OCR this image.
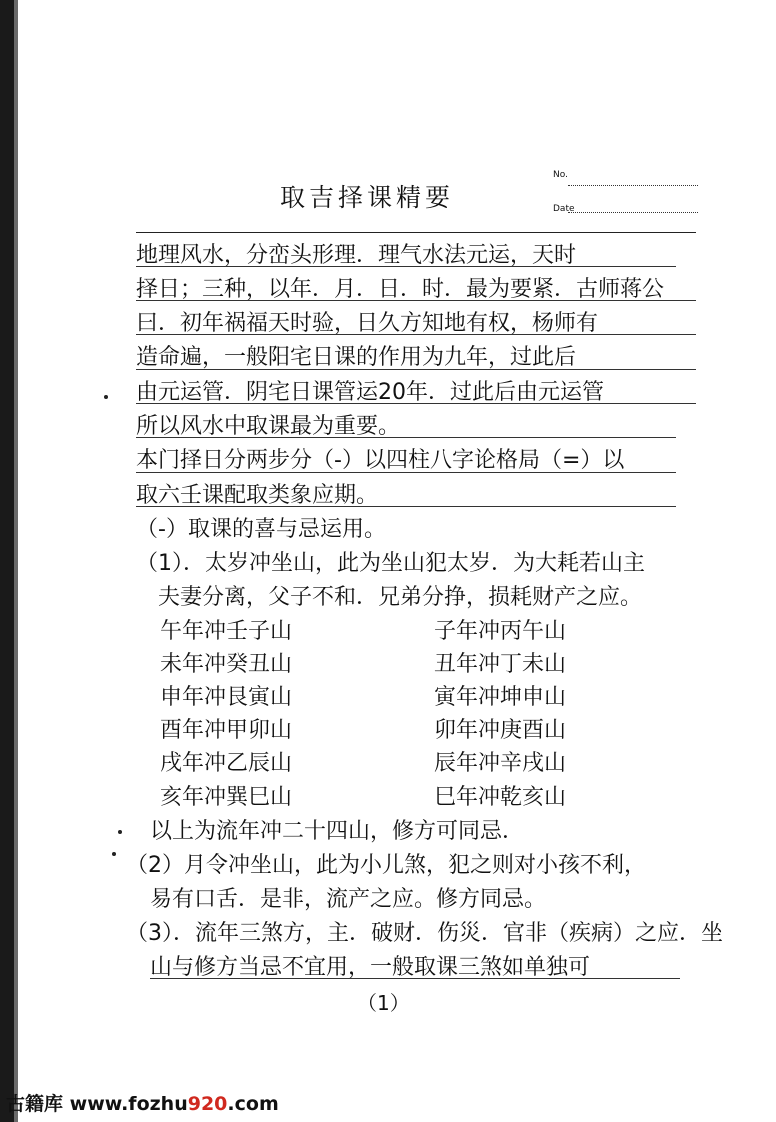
No.
Date
取吉择课精要
地理风水，分峦头形理．理气水法元运，天时
择日；三种，以年．月．日．时．最为要紧．古师蒋公
曰．初年祸福天时验，日久方知地有权，杨师有
造命遍，一般阳宅日课的作用为九年，过此后
由元运管．阴宅日课管运20年．过此后由元运管
所以风水中取课最为重要。
本门择日分两步分（-）以四柱八字论格局（=）以
取六壬课配取类象应期。
（-）取课的喜与忌运用。
（1）．太岁冲坐山，此为坐山犯太岁．为大耗若山主
夫妻分离，父子不和．兄弟分挣，损耗财产之应。
午年冲壬子山	子年冲丙午山
未年冲癸丑山	丑年冲丁未山
申年冲艮寅山	寅年冲坤申山
酉年冲甲卯山	卯年冲庚酉山
戌年冲乙辰山	辰年冲辛戌山
亥年冲巽巳山	巳年冲乾亥山
以上为流年冲二十四山，修方可同忌．
（2）月令冲坐山，此为小儿煞，犯之则对小孩不利，
易有口舌．是非，流产之应。修方同忌。
（3）．流年三煞方，主．破财．伤災．官非（疾病）之应．坐
山与修方当忌不宜用，一般取课三煞如单独可
（1）
古籍库 www.fozhu920.com
